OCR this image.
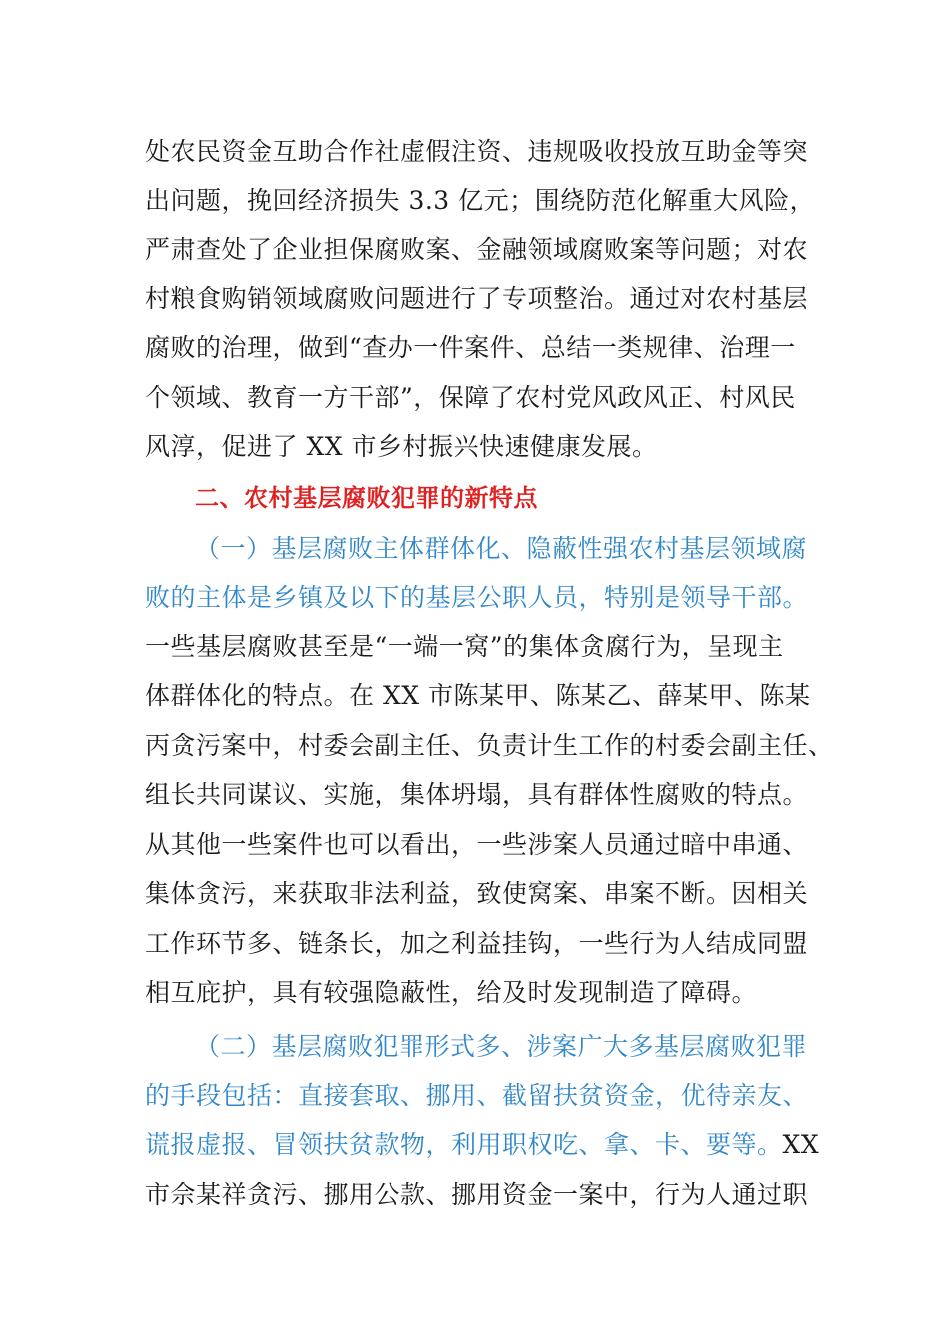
处农民资金互助合作社虚假注资、违规吸收投放互助金等突
出问题，挽回经济损失 3.3 亿元；围绕防范化解重大风险，
严肃查处了企业担保腐败案、金融领域腐败案等问题；对农
村粮食购销领域腐败问题进行了专项整治。通过对农村基层
腐败的治理，做到“查办一件案件、总结一类规律、治理一
个领域、教育一方干部”，保障了农村党风政风正、村风民
风淳，促进了 XX 市乡村振兴快速健康发展。
二、农村基层腐败犯罪的新特点
（一）基层腐败主体群体化、隐蔽性强农村基层领域腐
败的主体是乡镇及以下的基层公职人员，特别是领导干部。
一些基层腐败甚至是“一端一窝”的集体贪腐行为，呈现主
体群体化的特点。在 XX 市陈某甲、陈某乙、薛某甲、陈某
丙贪污案中，村委会副主任、负责计生工作的村委会副主任、
组长共同谋议、实施，集体坍塌，具有群体性腐败的特点。
从其他一些案件也可以看出，一些涉案人员通过暗中串通、
集体贪污，来获取非法利益，致使窝案、串案不断。因相关
工作环节多、链条长，加之利益挂钩，一些行为人结成同盟
相互庇护，具有较强隐蔽性，给及时发现制造了障碍。
（二）基层腐败犯罪形式多、涉案广大多基层腐败犯罪
的手段包括：直接套取、挪用、截留扶贫资金，优待亲友、
谎报虚报、冒领扶贫款物，利用职权吃、拿、卡、要等。XX
市佘某祥贪污、挪用公款、挪用资金一案中，行为人通过职
